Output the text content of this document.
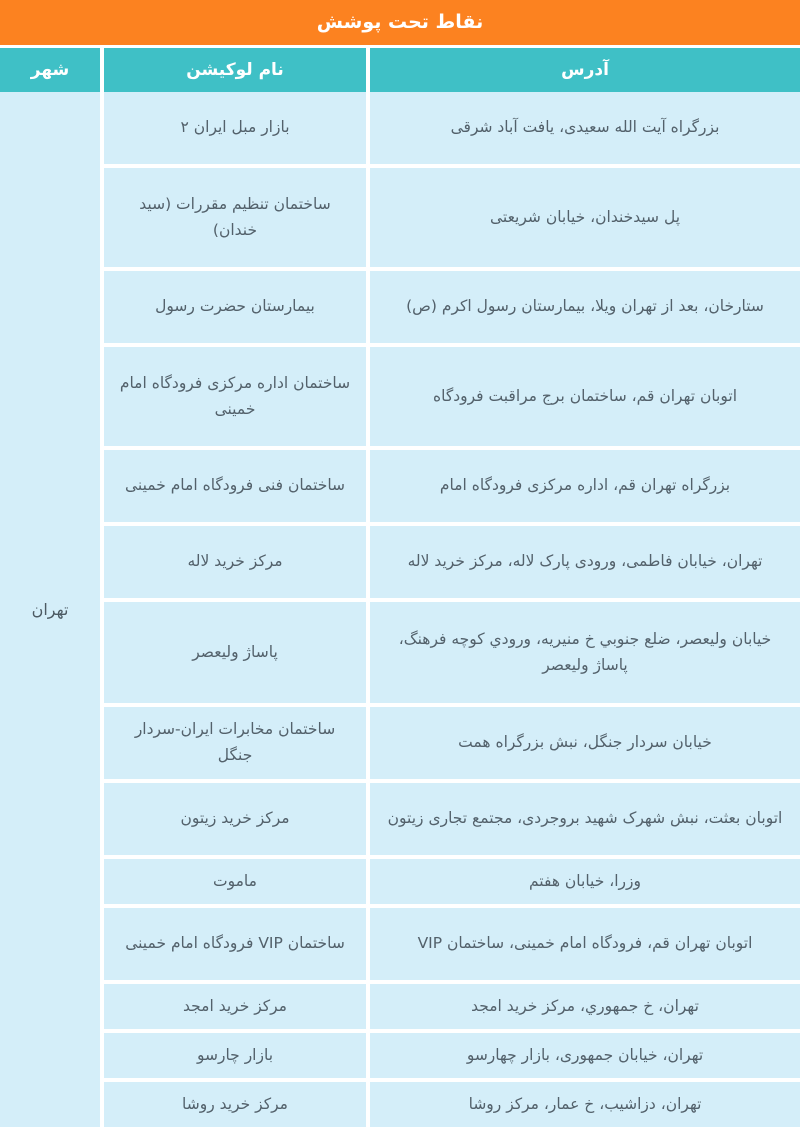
نقاط تحت پوشش
آدرس
نام لوکیشن
شهر
بزرگراه آیت الله سعیدی، یافت آباد شرقی
بازار مبل ایران ۲
پل سیدخندان، خیابان شریعتی
ساختمان تنظیم مقررات (سید خندان)
ستارخان، بعد از تهران ویلا، بیمارستان رسول اکرم (ص)
بیمارستان حضرت رسول
اتوبان تهران قم، ساختمان برج مراقبت فرودگاه
ساختمان اداره مرکزی فرودگاه امام خمینی
بزرگراه تهران قم، اداره مرکزی فرودگاه امام
ساختمان فنی فرودگاه امام خمینی
تهران، خیابان فاطمی، ورودی پارک لاله، مرکز خرید لاله
مرکز خرید لاله
خیابان ولیعصر، ضلع جنوبي خ منیریه، ورودي کوچه فرهنگ، پاساژ ولیعصر
پاساژ ولیعصر
خیابان سردار جنگل، نبش بزرگراه همت
ساختمان مخابرات ایران-سردار جنگل
اتوبان بعثت، نبش شهرک شهید بروجردی، مجتمع تجاری زیتون
مرکز خرید زیتون
وزرا، خیابان هفتم
ماموت
اتوبان تهران قم، فرودگاه امام خمینی، ساختمان VIP
ساختمان VIP فرودگاه امام خمینی
تهران، خ جمهوري، مرکز خرید امجد
مرکز خرید امجد
تهران، خیابان جمهوری، بازار چهارسو
بازار چارسو
تهران، دزاشیب، خ عمار، مرکز روشا
مرکز خرید روشا
تهران
